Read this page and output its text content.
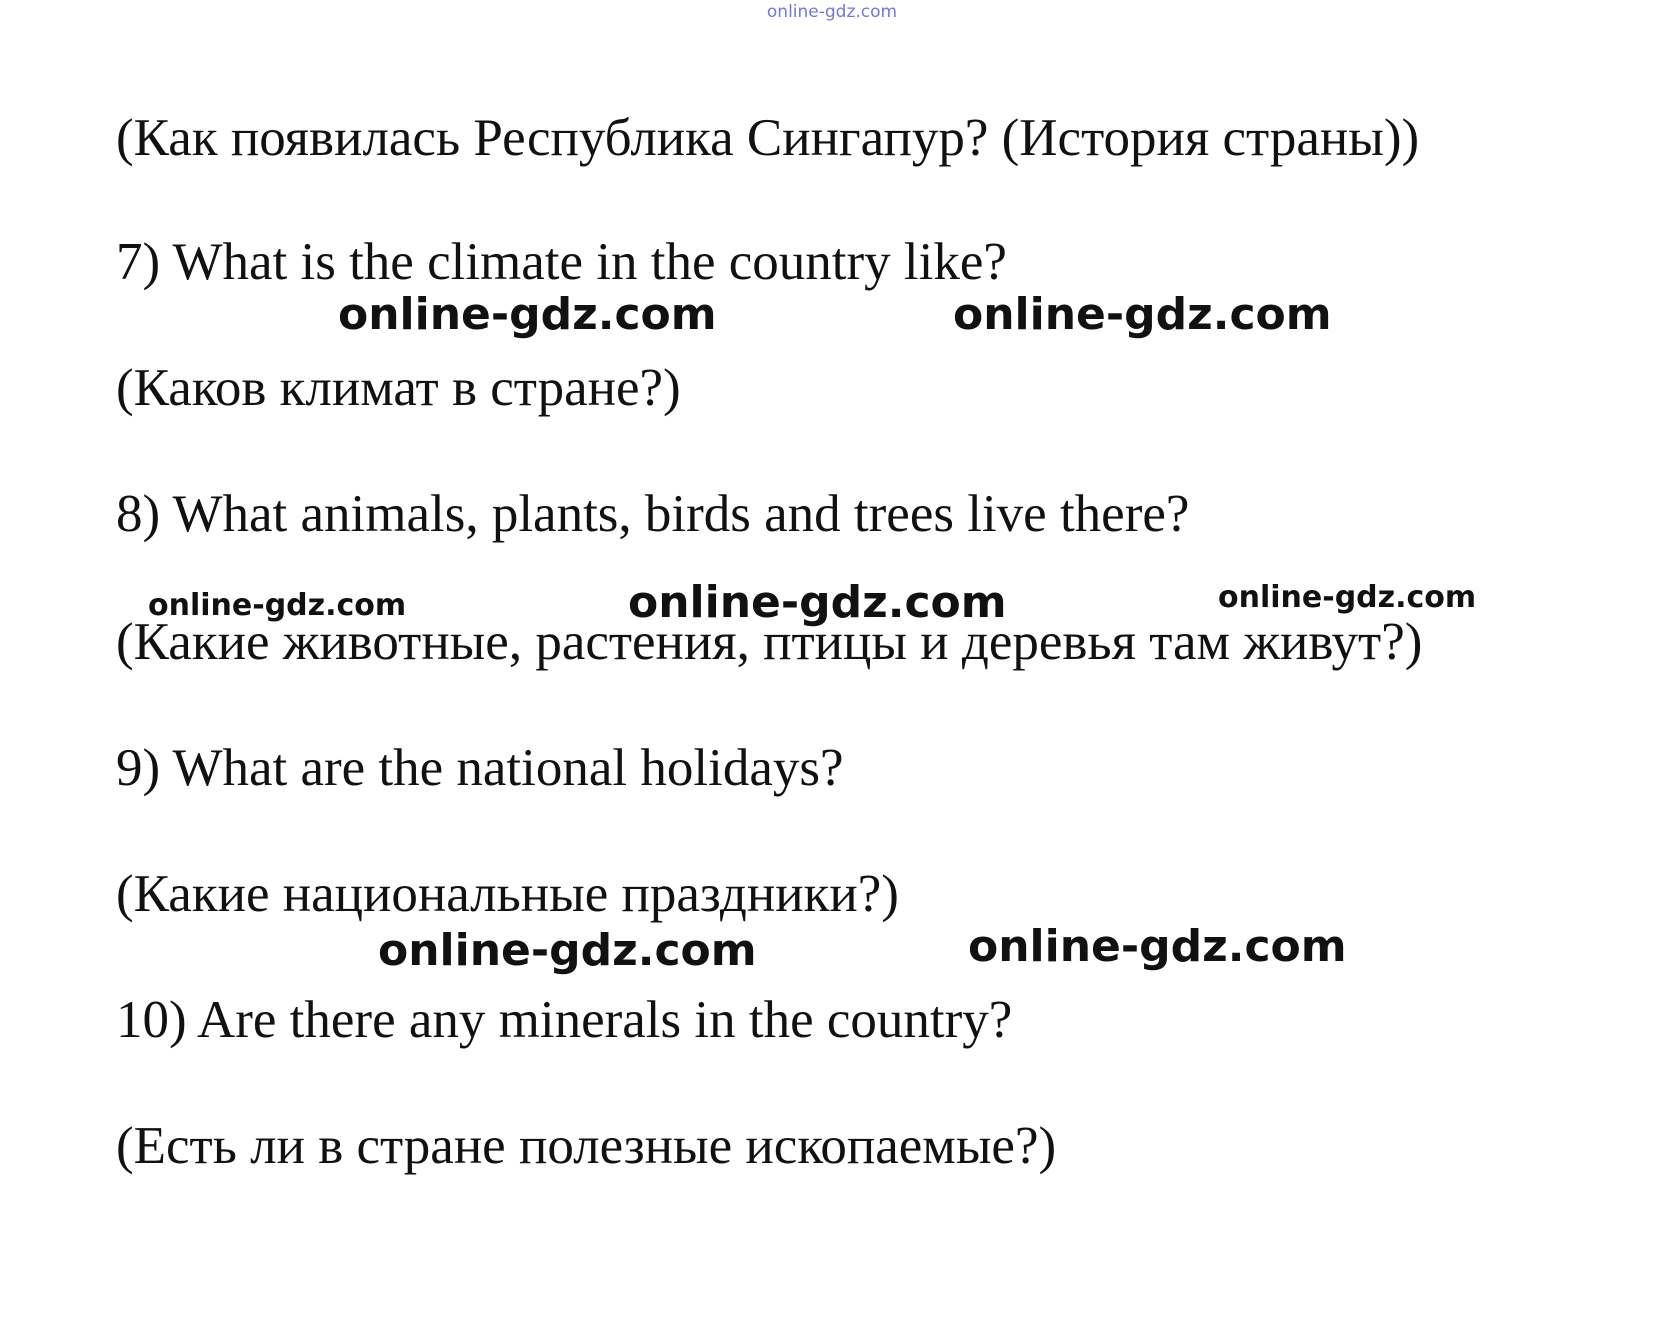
online-gdz.com
(Как появилась Республика Сингапур? (История страны))
7) What is the climate in the country like?
online-gdz.com	online-gdz.com
(Каков климат в стране?)
8) What animals, plants, birds and trees live there?
online-gdz.com	online-gdz.com	online-gdz.com
(Какие животные, растения, птицы и деревья там живут?)
9) What are the national holidays?
(Какие национальные праздники?)
online-gdz.com	online-gdz.com
10) Are there any minerals in the country?
(Есть ли в стране полезные ископаемые?)
